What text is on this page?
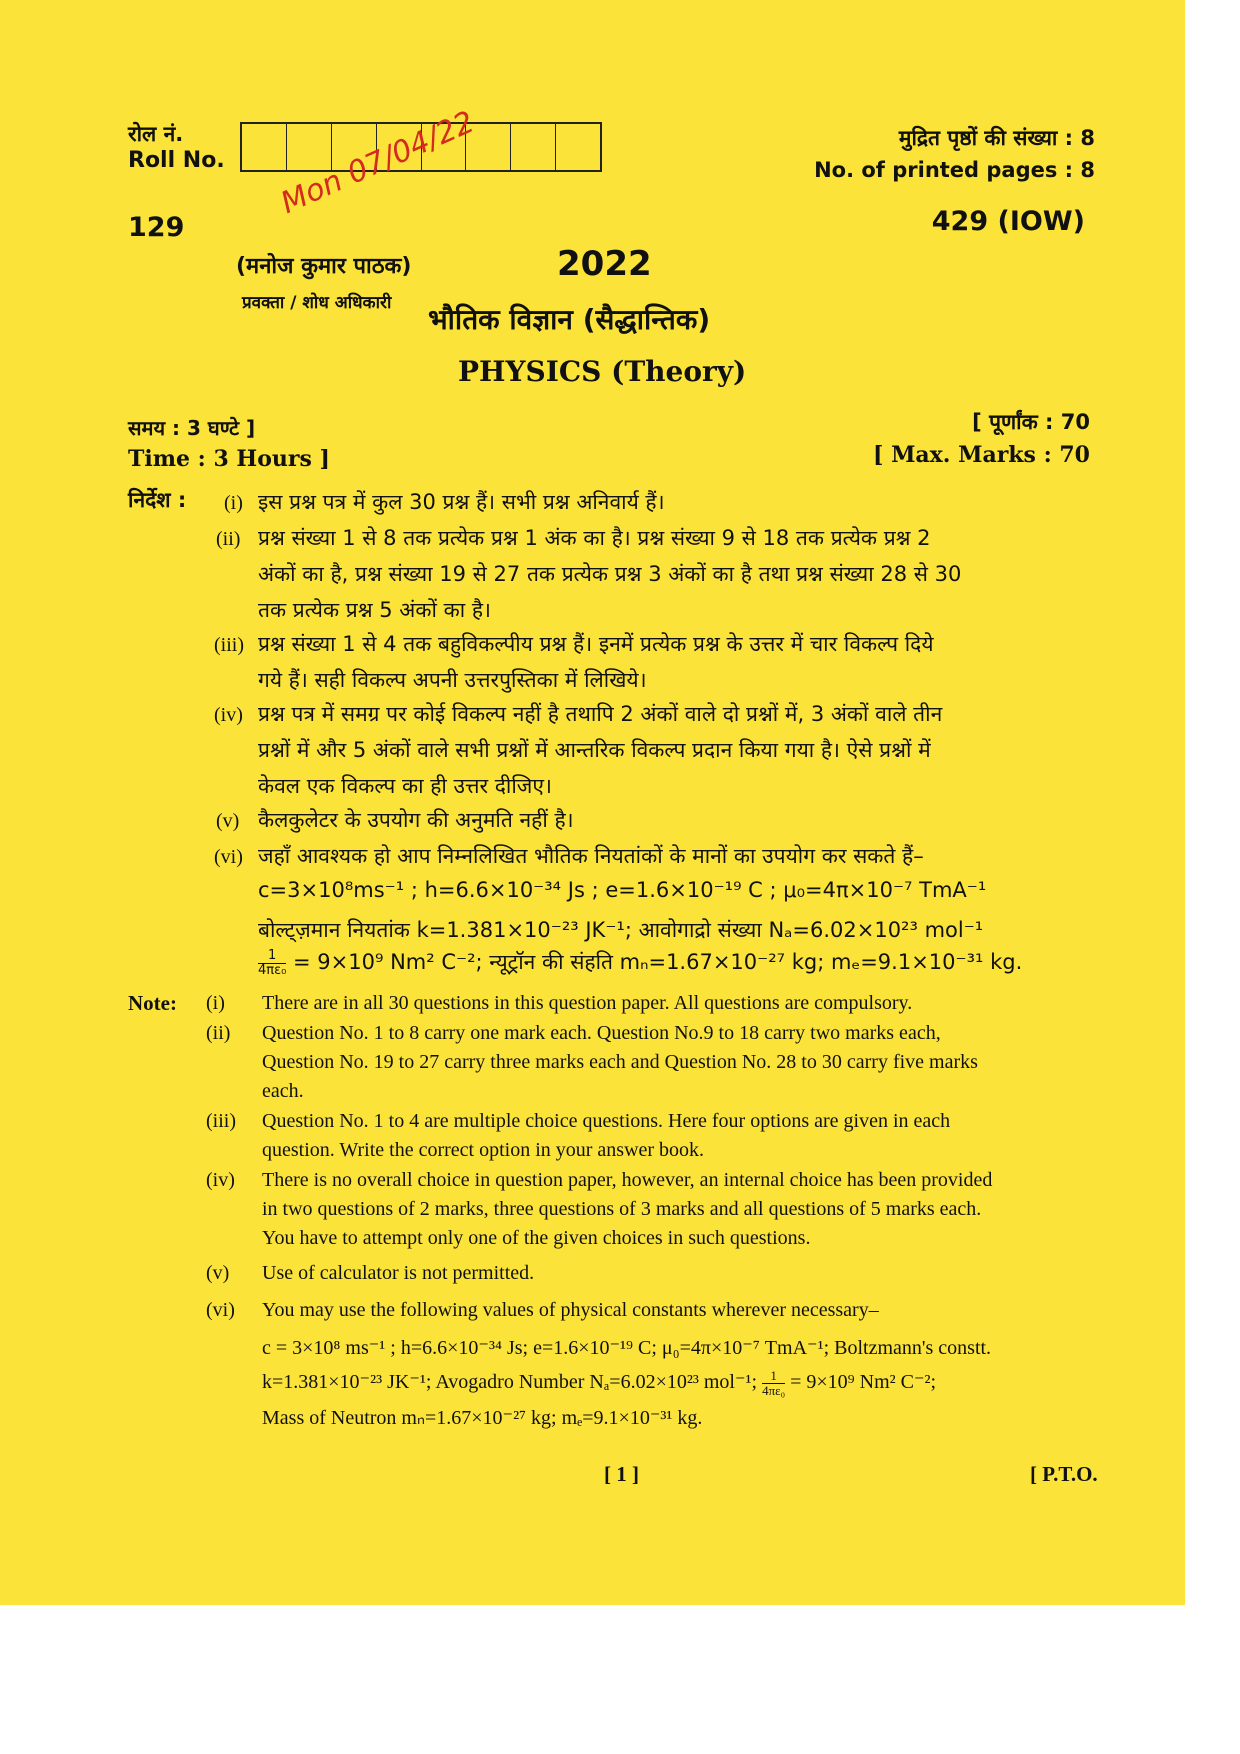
रोल नं.
Roll No.
मुद्रित पृष्ठों की संख्या : 8
No. of printed pages : 8
129	429 (IOW)
Mon 07/04/22
(मनोज कुमार पाठक)
प्रवक्ता / शोध अधिकारी
2022
भौतिक विज्ञान (सैद्धान्तिक)
PHYSICS (Theory)
समय : 3 घण्टे ]
Time : 3 Hours ]
[ पूर्णांक : 70
[ Max. Marks : 70
निर्देश : (i) इस प्रश्न पत्र में कुल 30 प्रश्न हैं। सभी प्रश्न अनिवार्य हैं।
(ii) प्रश्न संख्या 1 से 8 तक प्रत्येक प्रश्न 1 अंक का है। प्रश्न संख्या 9 से 18 तक प्रत्येक प्रश्न 2
अंकों का है, प्रश्न संख्या 19 से 27 तक प्रत्येक प्रश्न 3 अंकों का है तथा प्रश्न संख्या 28 से 30
तक प्रत्येक प्रश्न 5 अंकों का है।
(iii) प्रश्न संख्या 1 से 4 तक बहुविकल्पीय प्रश्न हैं। इनमें प्रत्येक प्रश्न के उत्तर में चार विकल्प दिये
गये हैं। सही विकल्प अपनी उत्तरपुस्तिका में लिखिये।
(iv) प्रश्न पत्र में समग्र पर कोई विकल्प नहीं है तथापि 2 अंकों वाले दो प्रश्नों में, 3 अंकों वाले तीन
प्रश्नों में और 5 अंकों वाले सभी प्रश्नों में आन्तरिक विकल्प प्रदान किया गया है। ऐसे प्रश्नों में
केवल एक विकल्प का ही उत्तर दीजिए।
(v) कैलकुलेटर के उपयोग की अनुमति नहीं है।
(vi) जहाँ आवश्यक हो आप निम्नलिखित भौतिक नियतांकों के मानों का उपयोग कर सकते हैं–
c=3×10⁸ms⁻¹ ; h=6.6×10⁻³⁴ Js ; e=1.6×10⁻¹⁹ C ; μ₀=4π×10⁻⁷ TmA⁻¹
बोल्ट्ज़मान नियतांक k=1.381×10⁻²³ JK⁻¹; आवोगाद्रो संख्या Nₐ=6.02×10²³ mol⁻¹
$\frac{1}{\text{4πε₀}} = 9\times 10^9$ Nm² C⁻²; न्यूट्रॉन की संहति mₙ=1.67×10⁻²⁷ kg; mₑ=9.1×10⁻³¹ kg.
Note: (i) There are in all 30 questions in this question paper. All questions are compulsory.
(ii) Question No. 1 to 8 carry one mark each. Question No.9 to 18 carry two marks each,
Question No. 19 to 27 carry three marks each and Question No. 28 to 30 carry five marks
each.
(iii) Question No. 1 to 4 are multiple choice questions. Here four options are given in each
question. Write the correct option in your answer book.
(iv) There is no overall choice in question paper, however, an internal choice has been provided
in two questions of 2 marks, three questions of 3 marks and all questions of 5 marks each.
You have to attempt only one of the given choices in such questions.
(v) Use of calculator is not permitted.
(vi) You may use the following values of physical constants wherever necessary–
c = 3×10⁸ ms⁻¹ ; h=6.6×10⁻³⁴ Js; e=1.6×10⁻¹⁹ C; μ₀=4π×10⁻⁷ TmA⁻¹; Boltzmann's constt.
k=1.381×10⁻²³ JK⁻¹; Avogadro Number Nₐ=6.02×10²³ mol⁻¹; $\frac{1}{\text{4πε₀}} = 9\times 10^9$ Nm² C⁻²;
Mass of Neutron mₙ=1.67×10⁻²⁷ kg; mₑ=9.1×10⁻³¹ kg.
[ 1 ]	[ P.T.O.
